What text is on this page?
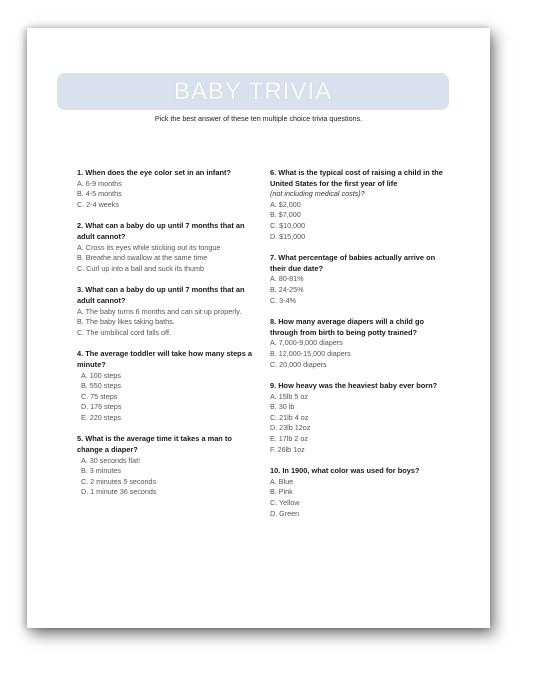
BABY TRIVIA
Pick the best answer of these ten multiple choice trivia questions.
1. When does the eye color set in an infant?
A. 6-9 months
B. 4-5 months
C. 2-4 weeks
2. What can a baby do up until 7 months that an adult cannot?
A. Cross its eyes while sticking out its tongue
B. Breathe and swallow at the same time
C. Curl up into a ball and suck its thumb
3. What can a baby do up until 7 months that an adult cannot?
A. The baby turns 6 months and can sit up properly.
B. The baby likes taking baths.
C. The umbilical cord falls off.
4. The average toddler will take how many steps a minute?
A. 100 steps
B. 550 steps
C. 75 steps
D. 176 steps
E. 220 steps
5. What is the average time it takes a man to change a diaper?
A. 30 seconds flat!
B. 3 minutes
C. 2 minutes 5 seconds
D. 1 minute 36 seconds
6. What is the typical cost of raising a child in the United States for the first year of life
(not including medical costs)?
A. $2,000
B. $7,000
C. $10,000
D. $15,000
7. What percentage of babies actually arrive on their due date?
A. 80-81%
B. 24-25%
C. 3-4%
8. How many average diapers will a child go through from birth to being potty trained?
A. 7,000-9,000 diapers
B. 12,000-15,000 diapers
C. 20,000 diapers
9. How heavy was the heaviest baby ever born?
A. 15lb 5 oz
B. 30 lb
C. 21lb 4 oz
D. 23lb 12oz
E. 17lb 2 oz
F. 26lb 1oz
10. In 1900, what color was used for boys?
A. Blue
B. Pink
C. Yellow
D. Green
